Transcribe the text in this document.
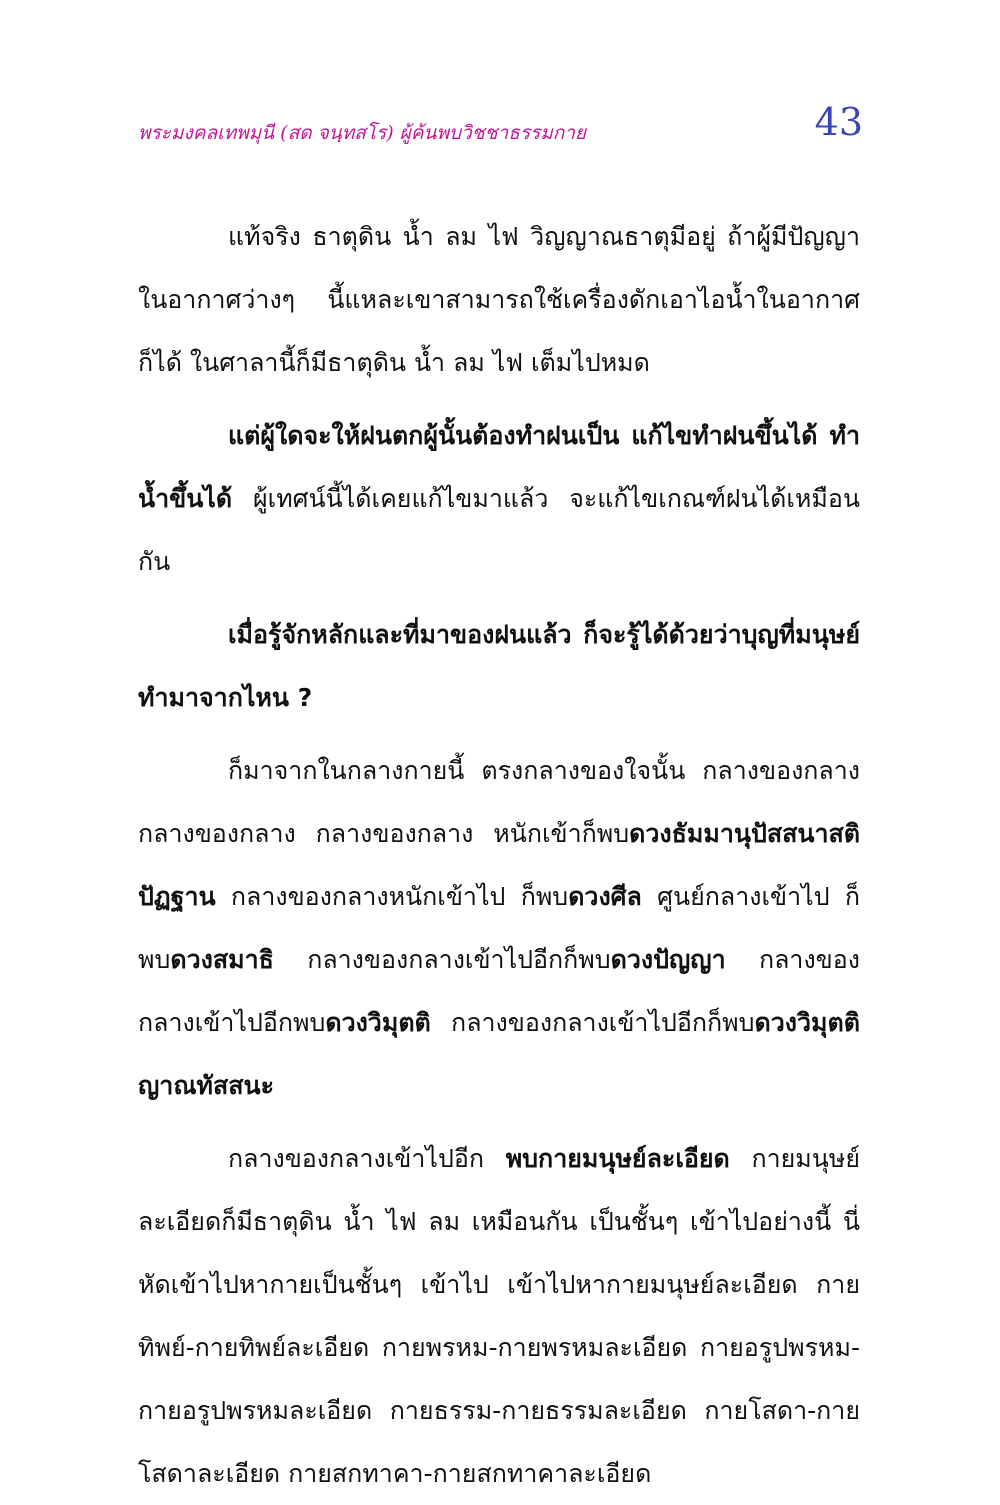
พระมงคลเทพมุนี (สด จนฺทสโร) ผู้ค้นพบวิชชาธรรมกาย	43

แท้จริง ธาตุดิน น้ำ ลม ไฟ วิญญาณธาตุมีอยู่ ถ้าผู้มีปัญญา ในอากาศว่างๆ นี้แหละเขาสามารถใช้เครื่องดักเอาไอน้ำในอากาศ ก็ได้ ในศาลานี้ก็มีธาตุดิน น้ำ ลม ไฟ เต็มไปหมด

แต่ผู้ใดจะให้ฝนตกผู้นั้นต้องทำฝนเป็น แก้ไขทำฝนขึ้นได้ ทำน้ำขึ้นได้ ผู้เทศน์นี้ได้เคยแก้ไขมาแล้ว จะแก้ไขเกณฑ์ฝนได้เหมือนกัน

เมื่อรู้จักหลักและที่มาของฝนแล้ว ก็จะรู้ได้ด้วยว่าบุญที่มนุษย์ทำมาจากไหน ?

ก็มาจากในกลางกายนี้ ตรงกลางของใจนั้น กลางของกลาง กลางของกลาง กลางของกลาง หนักเข้าก็พบดวงธัมมานุปัสสนาสติปัฏฐาน กลางของกลางหนักเข้าไป ก็พบดวงศีล ศูนย์กลางเข้าไป ก็พบดวงสมาธิ กลางของกลางเข้าไปอีกก็พบดวงปัญญา กลางของกลางเข้าไปอีกพบดวงวิมุตติ กลางของกลางเข้าไปอีกก็พบดวงวิมุตติญาณทัสสนะ

กลางของกลางเข้าไปอีก พบกายมนุษย์ละเอียด กายมนุษย์ละเอียดก็มีธาตุดิน น้ำ ไฟ ลม เหมือนกัน เป็นชั้นๆ เข้าไปอย่างนี้ นี่หัดเข้าไปหากายเป็นชั้นๆ เข้าไป เข้าไปหากายมนุษย์ละเอียด กายทิพย์-กายทิพย์ละเอียด กายพรหม-กายพรหมละเอียด กายอรูปพรหม-กายอรูปพรหมละเอียด กายธรรม-กายธรรมละเอียด กายโสดา-กายโสดาละเอียด กายสกทาคา-กายสกทาคาละเอียด
